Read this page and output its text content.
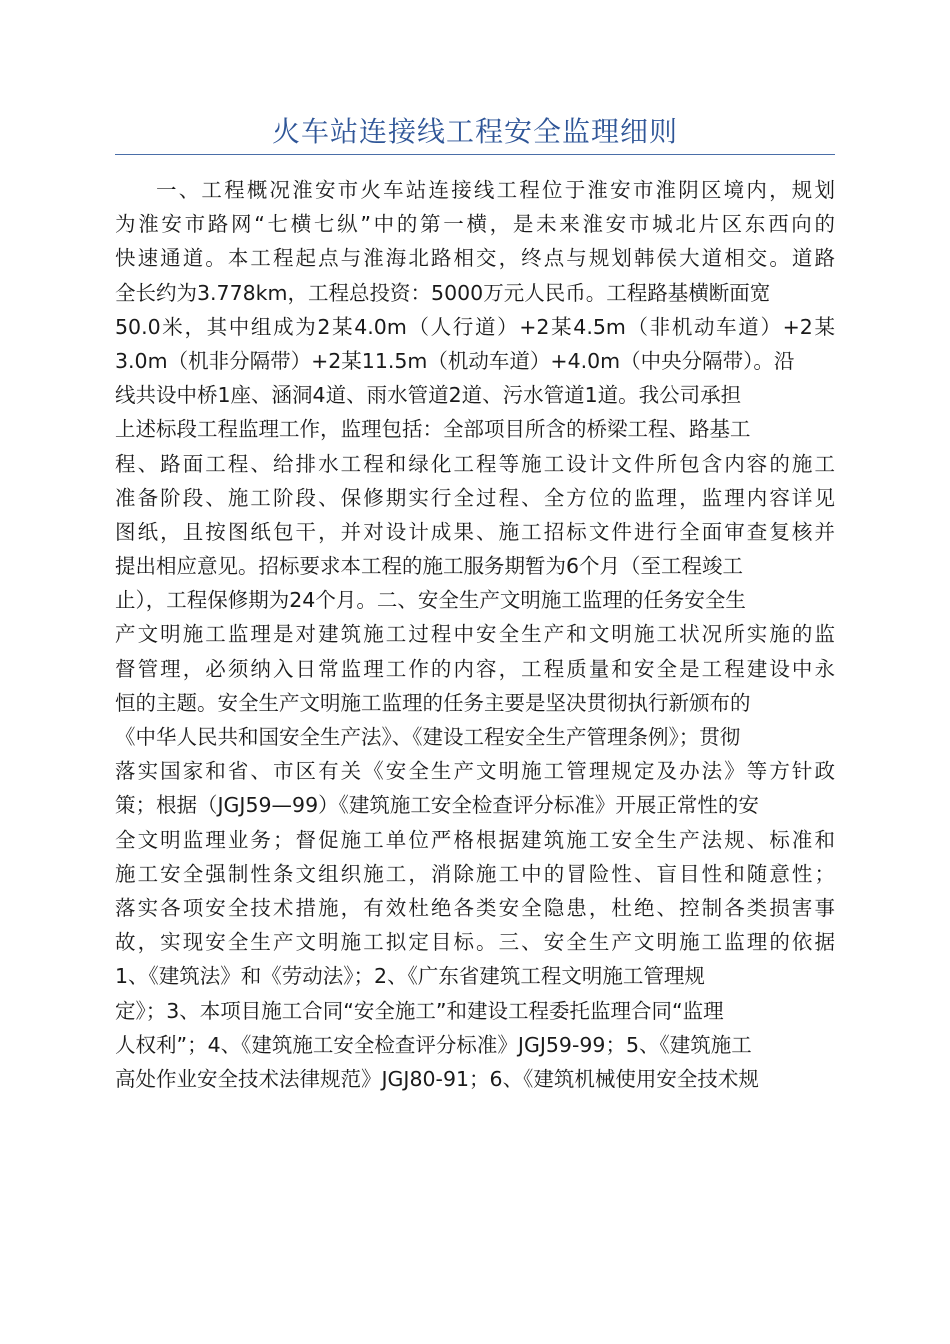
火车站连接线工程安全监理细则
一、工程概况淮安市火车站连接线工程位于淮安市淮阴区境内，规划
为淮安市路网“七横七纵”中的第一横，是未来淮安市城北片区东西向的
快速通道。本工程起点与淮海北路相交，终点与规划韩侯大道相交。道路
全长约为3.778km，工程总投资：5000万元人民币。工程路基横断面宽
50.0米，其中组成为2某4.0m（人行道）+2某4.5m（非机动车道）+2某
3.0m（机非分隔带）+2某11.5m（机动车道）+4.0m（中央分隔带）。沿
线共设中桥1座、涵洞4道、雨水管道2道、污水管道1道。我公司承担
上述标段工程监理工作，监理包括：全部项目所含的桥梁工程、路基工
程、路面工程、给排水工程和绿化工程等施工设计文件所包含内容的施工
准备阶段、施工阶段、保修期实行全过程、全方位的监理，监理内容详见
图纸，且按图纸包干，并对设计成果、施工招标文件进行全面审查复核并
提出相应意见。招标要求本工程的施工服务期暂为6个月（至工程竣工
止），工程保修期为24个月。二、安全生产文明施工监理的任务安全生
产文明施工监理是对建筑施工过程中安全生产和文明施工状况所实施的监
督管理，必须纳入日常监理工作的内容，工程质量和安全是工程建设中永
恒的主题。安全生产文明施工监理的任务主要是坚决贯彻执行新颁布的
《中华人民共和国安全生产法》、《建设工程安全生产管理条例》；贯彻
落实国家和省、市区有关《安全生产文明施工管理规定及办法》等方针政
策；根据（JGJ59—99）《建筑施工安全检查评分标准》开展正常性的安
全文明监理业务；督促施工单位严格根据建筑施工安全生产法规、标准和
施工安全强制性条文组织施工，消除施工中的冒险性、盲目性和随意性；
落实各项安全技术措施，有效杜绝各类安全隐患，杜绝、控制各类损害事
故，实现安全生产文明施工拟定目标。三、安全生产文明施工监理的依据
1、《建筑法》和《劳动法》；2、《广东省建筑工程文明施工管理规
定》；3、本项目施工合同“安全施工”和建设工程委托监理合同“监理
人权利”；4、《建筑施工安全检查评分标准》JGJ59-99；5、《建筑施工
高处作业安全技术法律规范》JGJ80-91；6、《建筑机械使用安全技术规
